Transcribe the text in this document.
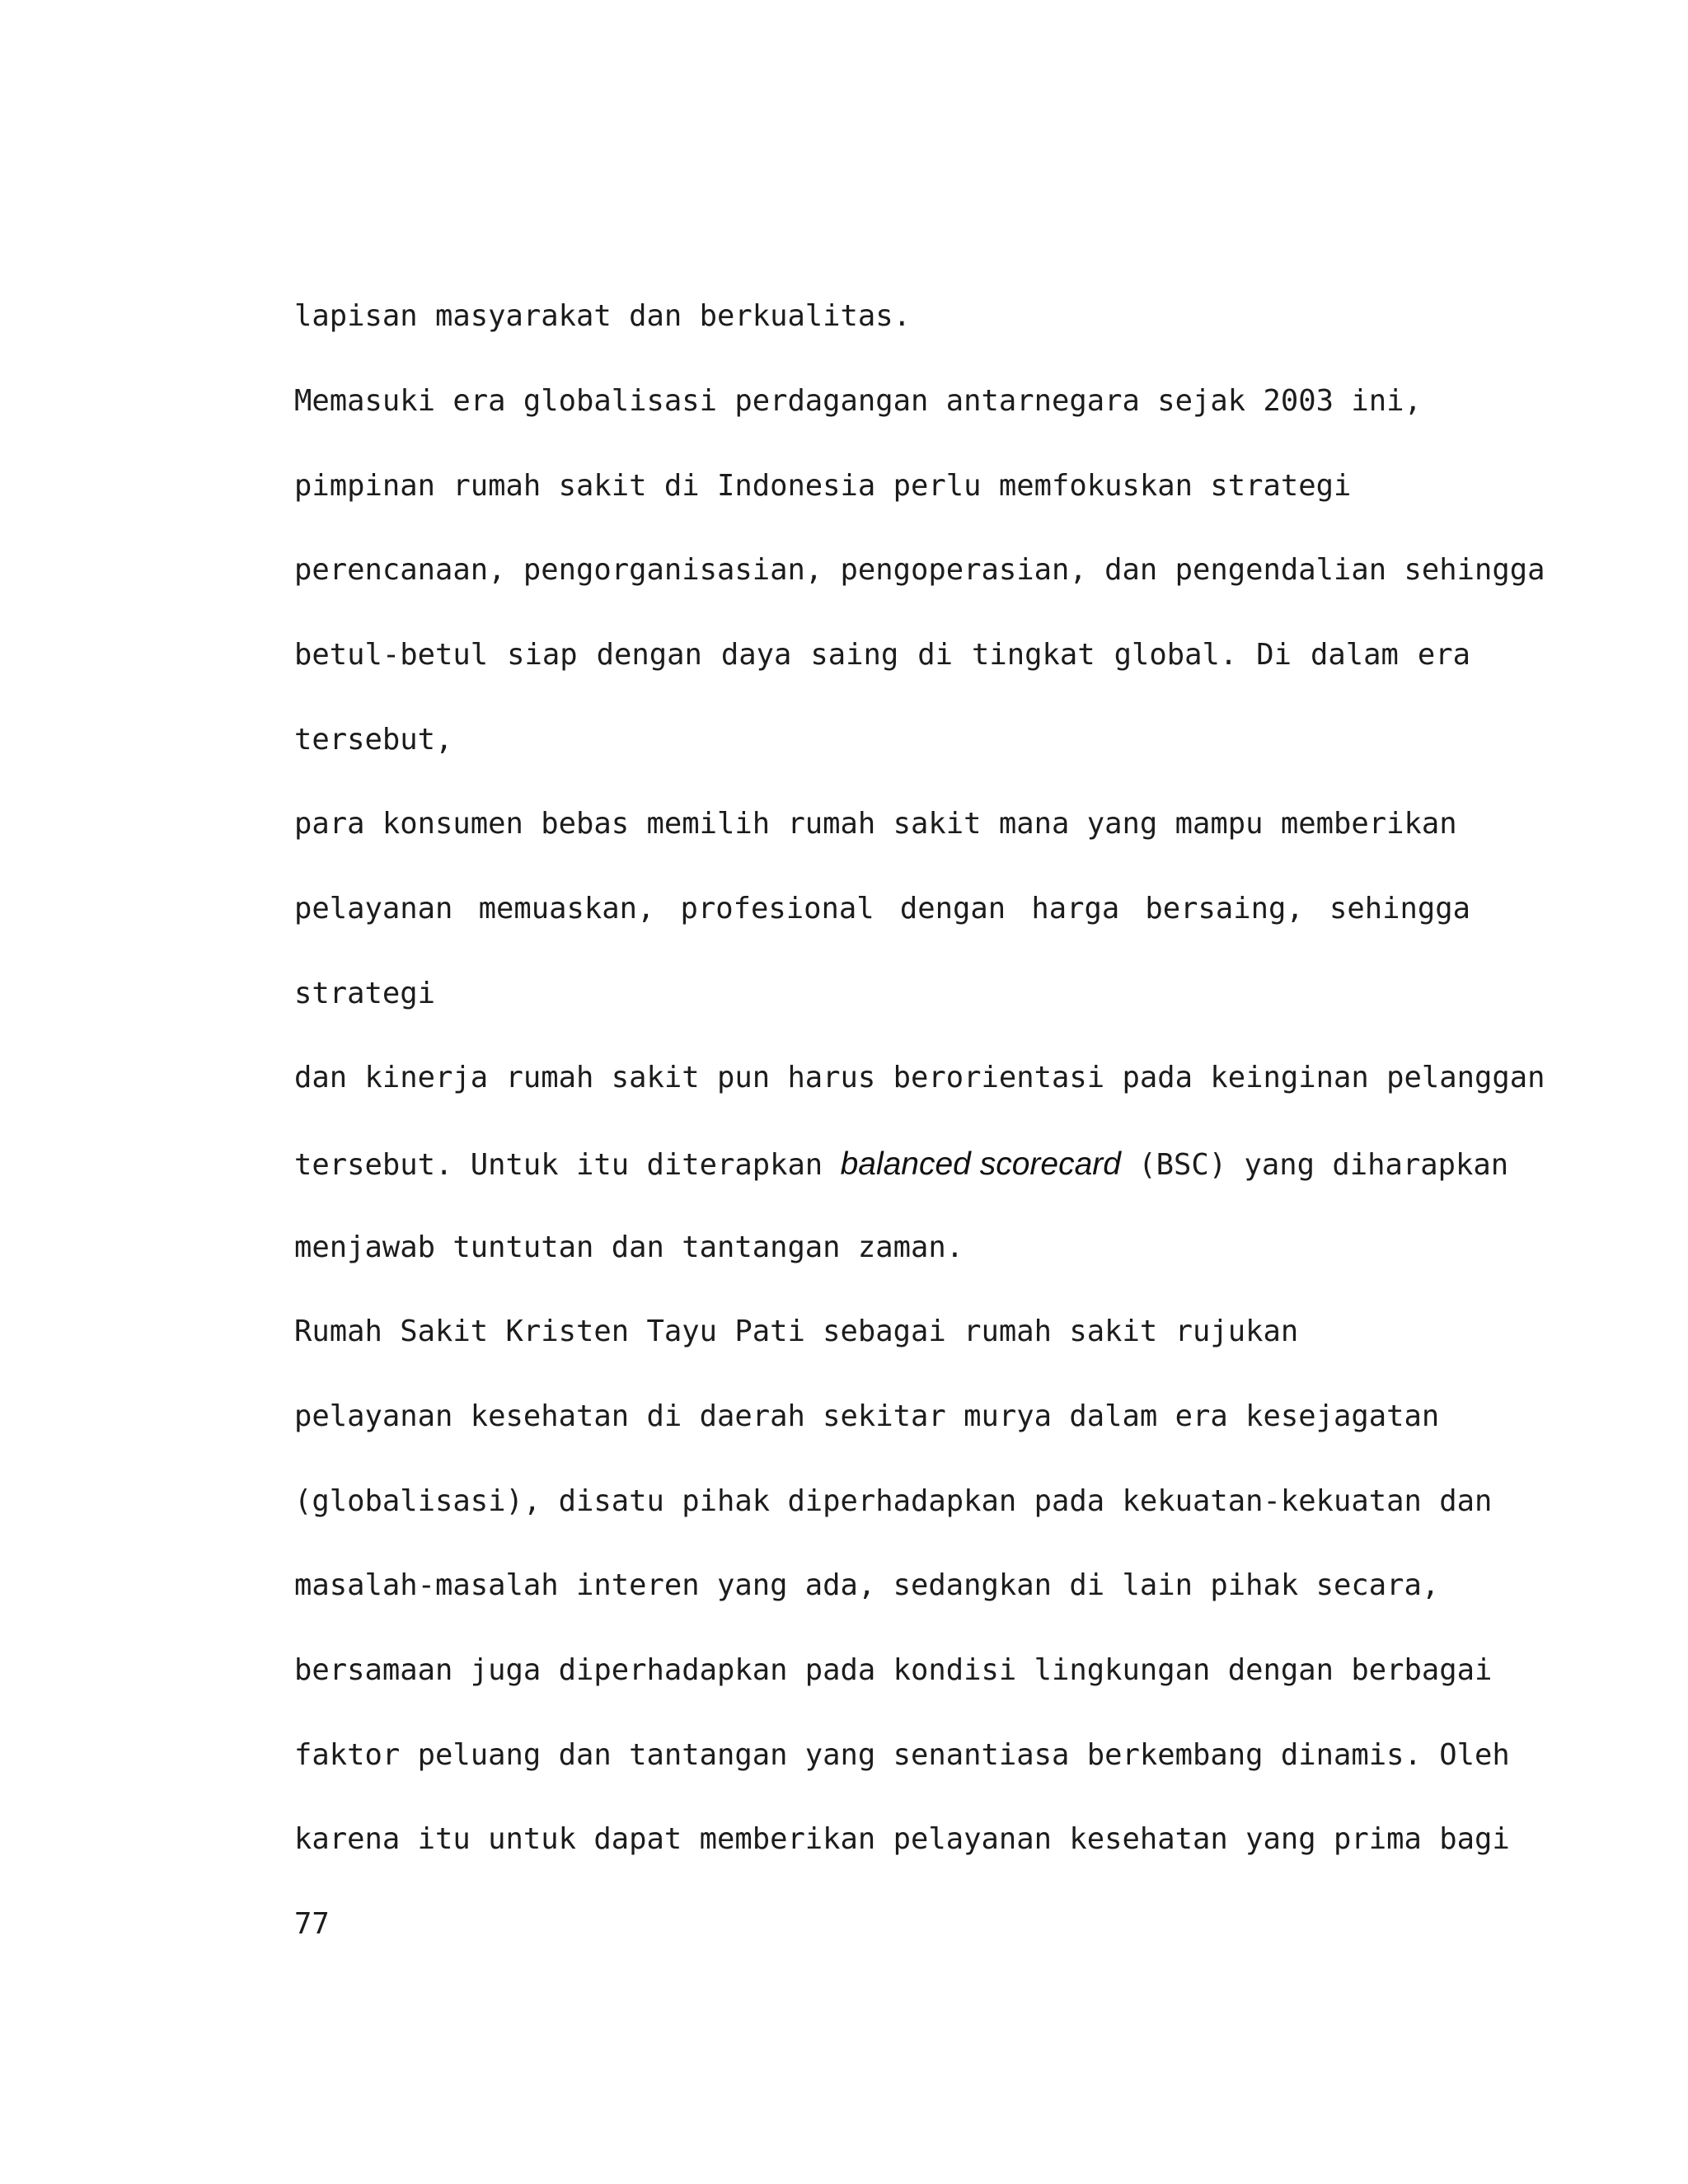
lapisan masyarakat dan berkualitas.
Memasuki era globalisasi perdagangan antarnegara sejak 2003 ini,
pimpinan rumah sakit di Indonesia perlu memfokuskan strategi
perencanaan, pengorganisasian, pengoperasian, dan pengendalian sehingga
betul-betul siap dengan daya saing di tingkat global. Di dalam era
tersebut,
para konsumen bebas memilih rumah sakit mana yang mampu memberikan
pelayanan memuaskan, profesional dengan harga bersaing, sehingga
strategi
dan kinerja rumah sakit pun harus berorientasi pada keinginan pelanggan
tersebut. Untuk itu diterapkan balanced scorecard (BSC) yang diharapkan
menjawab tuntutan dan tantangan zaman.
Rumah Sakit Kristen Tayu Pati sebagai rumah sakit rujukan
pelayanan kesehatan di daerah sekitar murya dalam era kesejagatan
(globalisasi), disatu pihak diperhadapkan pada kekuatan-kekuatan dan
masalah-masalah interen yang ada, sedangkan di lain pihak secara,
bersamaan juga diperhadapkan pada kondisi lingkungan dengan berbagai
faktor peluang dan tantangan yang senantiasa berkembang dinamis. Oleh
karena itu untuk dapat memberikan pelayanan kesehatan yang prima bagi
77
